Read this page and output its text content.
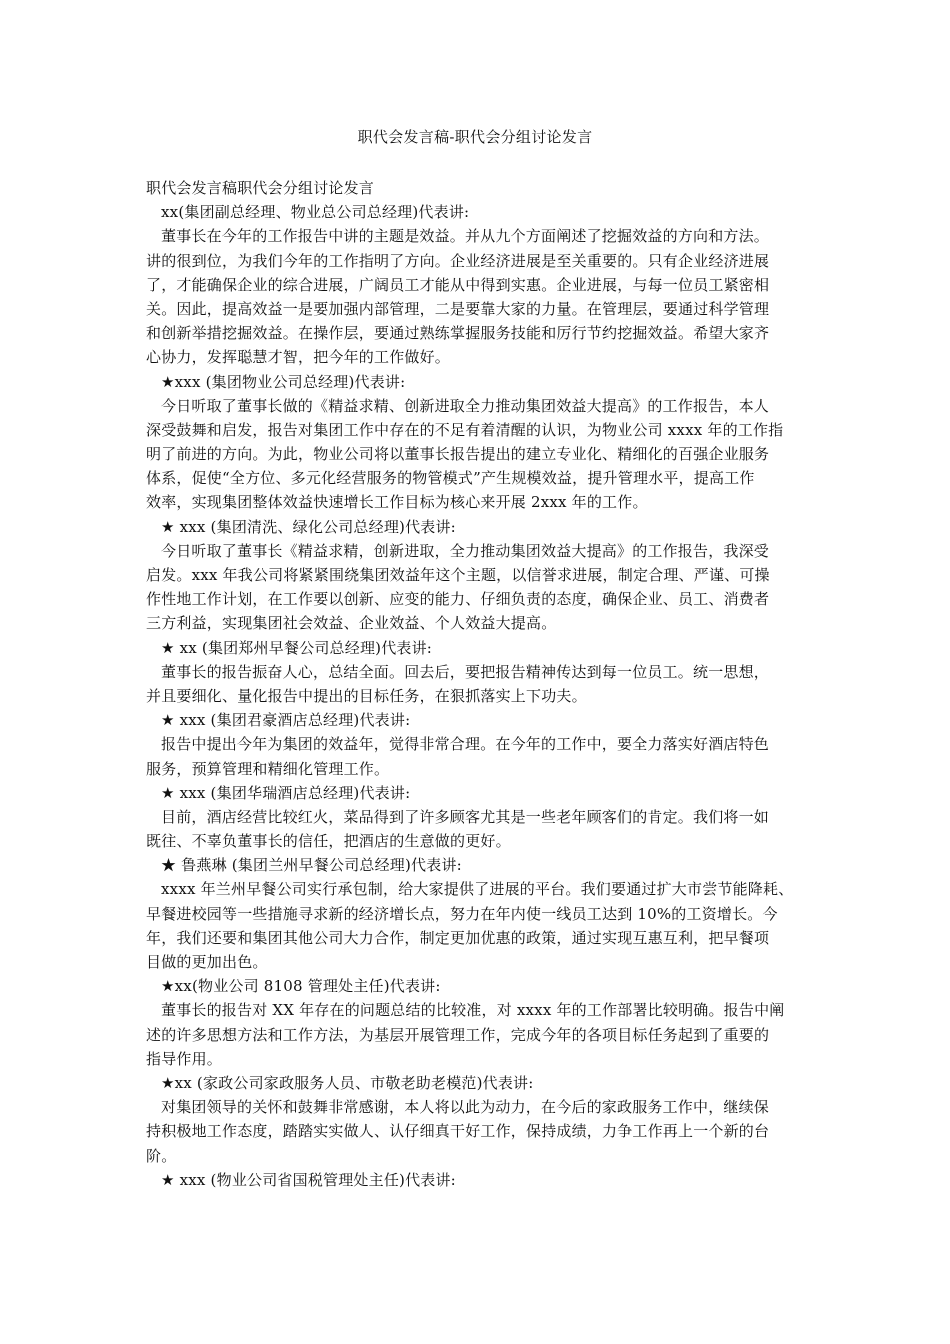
职代会发言稿-职代会分组讨论发言
职代会发言稿职代会分组讨论发言
xx(集团副总经理、物业总公司总经理)代表讲:
董事长在今年的工作报告中讲的主题是效益。并从九个方面阐述了挖掘效益的方向和方法。
讲的很到位，为我们今年的工作指明了方向。企业经济进展是至关重要的。只有企业经济进展
了，才能确保企业的综合进展，广阔员工才能从中得到实惠。企业进展，与每一位员工紧密相
关。因此，提高效益一是要加强内部管理，二是要靠大家的力量。在管理层，要通过科学管理
和创新举措挖掘效益。在操作层，要通过熟练掌握服务技能和厉行节约挖掘效益。希望大家齐
心协力，发挥聪慧才智，把今年的工作做好。
★xxx (集团物业公司总经理)代表讲:
今日听取了董事长做的《精益求精、创新进取全力推动集团效益大提高》的工作报告，本人
深受鼓舞和启发，报告对集团工作中存在的不足有着清醒的认识，为物业公司 xxxx 年的工作指
明了前进的方向。为此，物业公司将以董事长报告提出的建立专业化、精细化的百强企业服务
体系，促使“全方位、多元化经营服务的物管模式”产生规模效益，提升管理水平，提高工作
效率，实现集团整体效益快速增长工作目标为核心来开展 2xxx 年的工作。
★ xxx (集团清洗、绿化公司总经理)代表讲:
今日听取了董事长《精益求精，创新进取，全力推动集团效益大提高》的工作报告，我深受
启发。xxx 年我公司将紧紧围绕集团效益年这个主题，以信誉求进展，制定合理、严谨、可操
作性地工作计划，在工作要以创新、应变的能力、仔细负责的态度，确保企业、员工、消费者
三方利益，实现集团社会效益、企业效益、个人效益大提高。
★ xx (集团郑州早餐公司总经理)代表讲:
董事长的报告振奋人心，总结全面。回去后，要把报告精神传达到每一位员工。统一思想，
并且要细化、量化报告中提出的目标任务，在狠抓落实上下功夫。
★ xxx (集团君豪酒店总经理)代表讲:
报告中提出今年为集团的效益年，觉得非常合理。在今年的工作中，要全力落实好酒店特色
服务，预算管理和精细化管理工作。
★ xxx (集团华瑞酒店总经理)代表讲:
目前，酒店经营比较红火，菜品得到了许多顾客尤其是一些老年顾客们的肯定。我们将一如
既往、不辜负董事长的信任，把酒店的生意做的更好。
★ 鲁燕琳 (集团兰州早餐公司总经理)代表讲:
xxxx 年兰州早餐公司实行承包制，给大家提供了进展的平台。我们要通过扩大市尝节能降耗、
早餐进校园等一些措施寻求新的经济增长点，努力在年内使一线员工达到 10%的工资增长。今
年，我们还要和集团其他公司大力合作，制定更加优惠的政策，通过实现互惠互利，把早餐项
目做的更加出色。
★xx(物业公司 8108 管理处主任)代表讲:
董事长的报告对 XX 年存在的问题总结的比较准，对 xxxx 年的工作部署比较明确。报告中阐
述的许多思想方法和工作方法，为基层开展管理工作，完成今年的各项目标任务起到了重要的
指导作用。
★xx (家政公司家政服务人员、市敬老助老模范)代表讲:
对集团领导的关怀和鼓舞非常感谢，本人将以此为动力，在今后的家政服务工作中，继续保
持积极地工作态度，踏踏实实做人、认仔细真干好工作，保持成绩，力争工作再上一个新的台
阶。
★ xxx (物业公司省国税管理处主任)代表讲:
